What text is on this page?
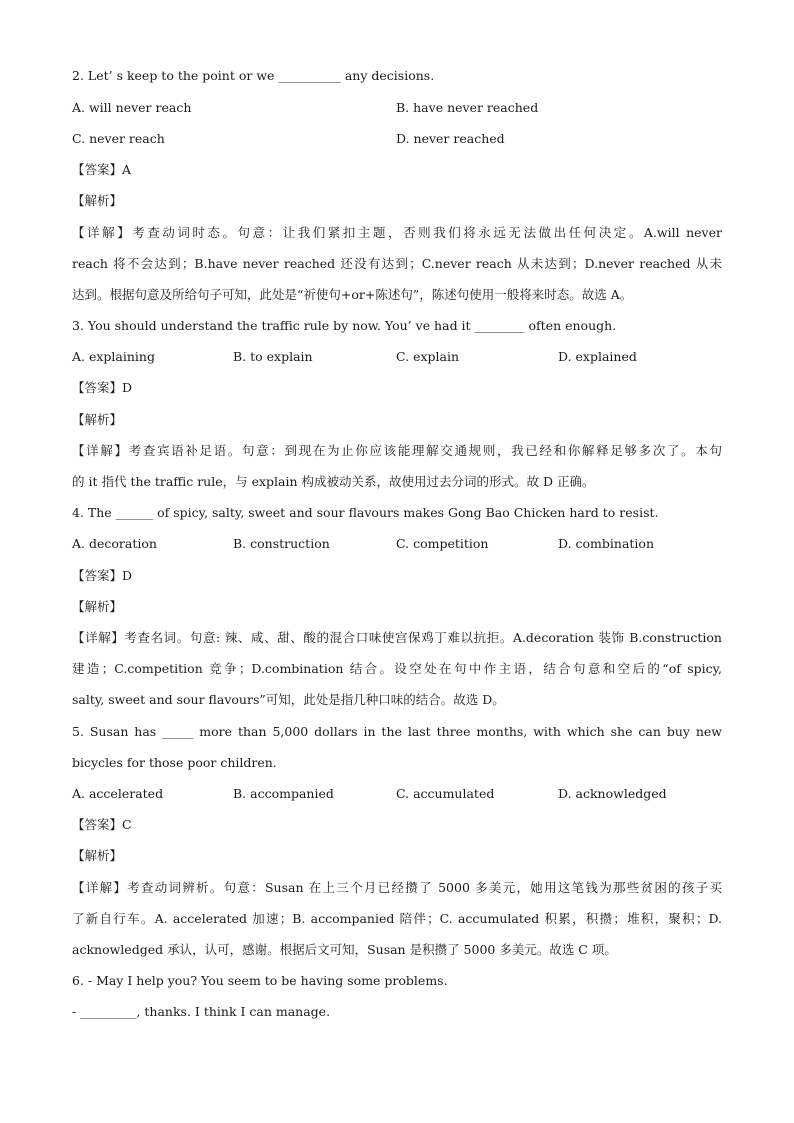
2. Let’ s keep to the point or we __________ any decisions.
A. will never reach	B. have never reached
C. never reach	D. never reached
【答案】A
【解析】
【详解】考查动词时态。句意：让我们紧扣主题，否则我们将永远无法做出任何决定。A.will never
reach 将不会达到；B.have never reached 还没有达到；C.never reach 从未达到；D.never reached 从未
达到。根据句意及所给句子可知，此处是“祈使句+or+陈述句”，陈述句使用一般将来时态。故选 A。
3. You should understand the traffic rule by now. You’ ve had it ________ often enough.
A. explaining	B. to explain	C. explain	D. explained
【答案】D
【解析】
【详解】考查宾语补足语。句意：到现在为止你应该能理解交通规则，我已经和你解释足够多次了。本句
的 it 指代 the traffic rule，与 explain 构成被动关系，故使用过去分词的形式。故 D 正确。
4. The ______ of spicy, salty, sweet and sour flavours makes Gong Bao Chicken hard to resist.
A. decoration	B. construction	C. competition	D. combination
【答案】D
【解析】
【详解】考查名词。句意: 辣、咸、甜、酸的混合口味使宫保鸡丁难以抗拒。A.decoration 装饰 B.construction
建造；C.competition 竞争；D.combination 结合。设空处在句中作主语，结合句意和空后的“of spicy,
salty, sweet and sour flavours”可知，此处是指几种口味的结合。故选 D。
5. Susan has _____ more than 5,000 dollars in the last three months, with which she can buy new
bicycles for those poor children.
A. accelerated	B. accompanied	C. accumulated	D. acknowledged
【答案】C
【解析】
【详解】考查动词辨析。句意：Susan 在上三个月已经攒了 5000 多美元，她用这笔钱为那些贫困的孩子买
了新自行车。A. accelerated 加速；B. accompanied 陪伴；C. accumulated 积累，积攒；堆积，聚积；D.
acknowledged 承认，认可，感谢。根据后文可知，Susan 是积攒了 5000 多美元。故选 C 项。
6. - May I help you? You seem to be having some problems.
- _________, thanks. I think I can manage.
